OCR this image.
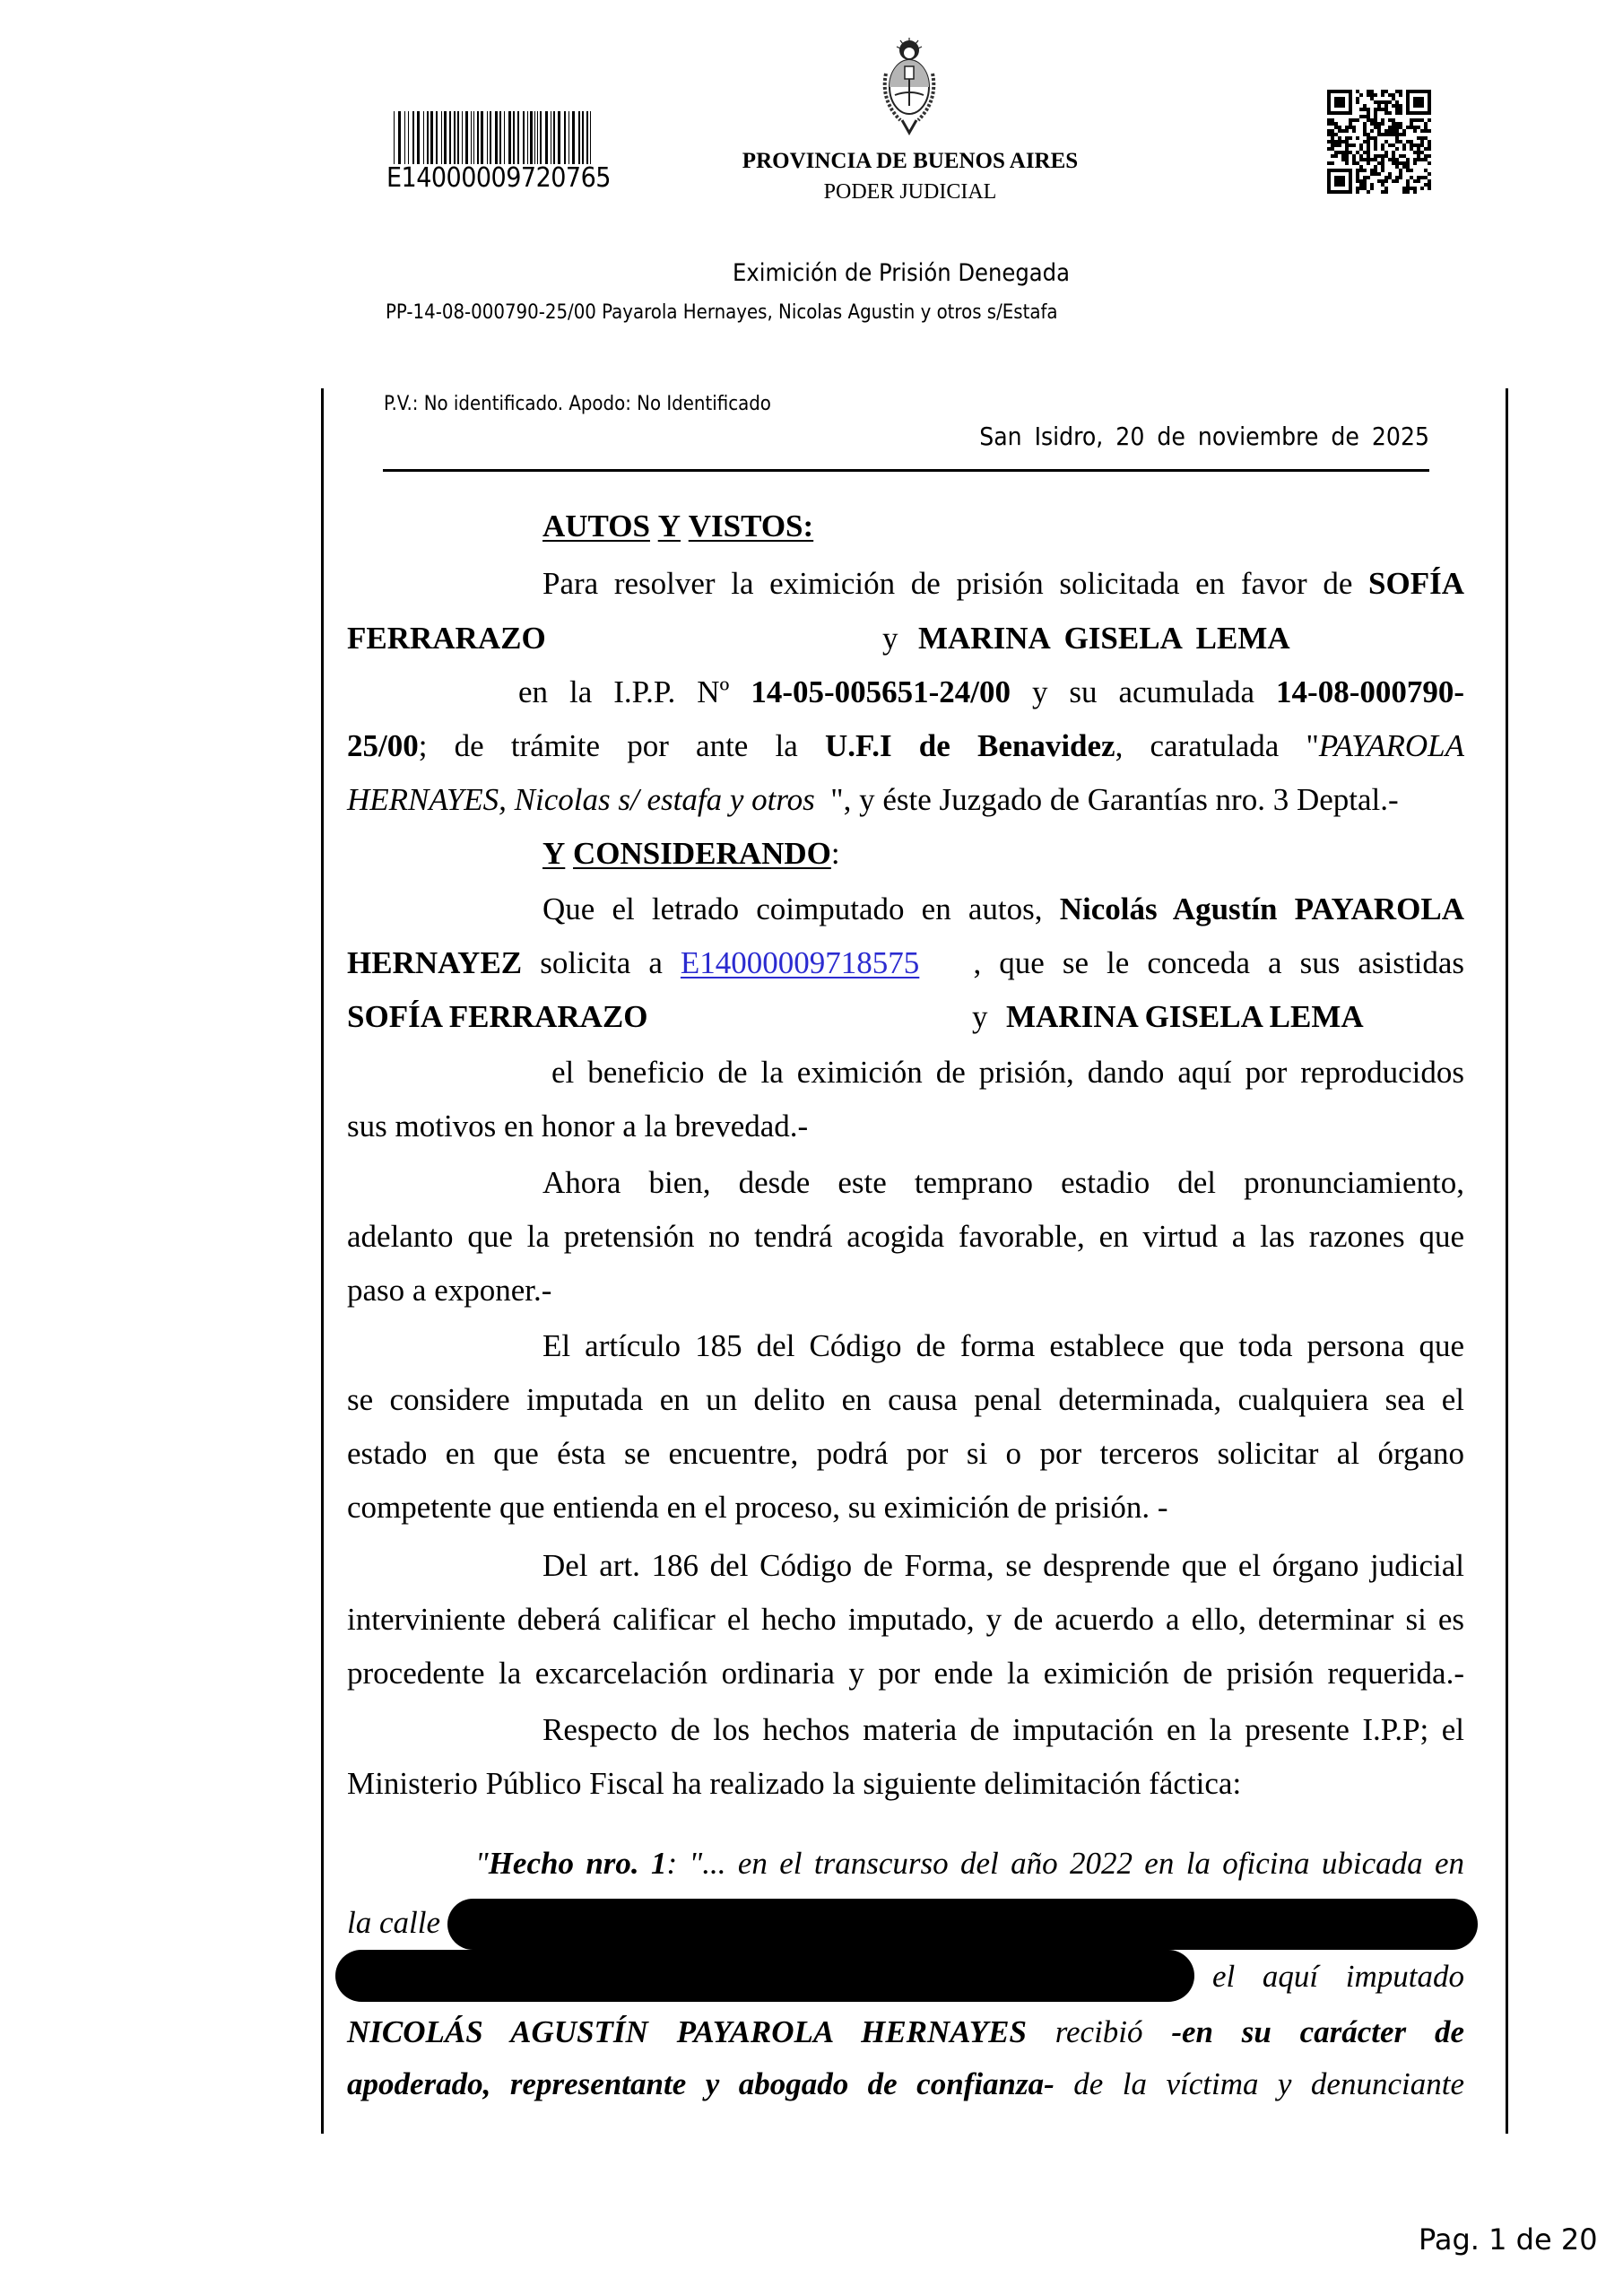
E14000009720765
PROVINCIA DE BUENOS AIRES
PODER JUDICIAL
Eximición de Prisión Denegada
PP-14-08-000790-25/00 Payarola Hernayes, Nicolas Agustin y otros s/Estafa
P.V.: No identificado. Apodo: No Identificado
San Isidro, 20 de noviembre de 2025
AUTOS Y VISTOS:
Para resolver la eximición de prisión solicitada en favor de SOFÍA
FERRARAZO	y MARINA GISELA LEMA
en la I.P.P. Nº 14-05-005651-24/00 y su acumulada 14-08-000790-
25/00; de trámite por ante la U.F.I de Benavidez, caratulada "PAYAROLA
HERNAYES, Nicolas s/ estafa y otros ", y éste Juzgado de Garantías nro. 3 Deptal.-
Y CONSIDERANDO:
Que el letrado coimputado en autos, Nicolás Agustín PAYAROLA
HERNAYEZ solicita a E14000009718575 , que se le conceda a sus asistidas
SOFÍA FERRARAZO	y MARINA GISELA LEMA
el beneficio de la eximición de prisión, dando aquí por reproducidos
sus motivos en honor a la brevedad.-
Ahora bien, desde este temprano estadio del pronunciamiento,
adelanto que la pretensión no tendrá acogida favorable, en virtud a las razones que
paso a exponer.-
El artículo 185 del Código de forma establece que toda persona que
se considere imputada en un delito en causa penal determinada, cualquiera sea el
estado en que ésta se encuentre, podrá por si o por terceros solicitar al órgano
competente que entienda en el proceso, su eximición de prisión. -
Del art. 186 del Código de Forma, se desprende que el órgano judicial
interviniente deberá calificar el hecho imputado, y de acuerdo a ello, determinar si es
procedente la excarcelación ordinaria y por ende la eximición de prisión requerida.-
Respecto de los hechos materia de imputación en la presente I.P.P; el
Ministerio Público Fiscal ha realizado la siguiente delimitación fáctica:
"Hecho nro. 1: "... en el transcurso del año 2022 en la oficina ubicada en
la calle
el aquí imputado
NICOLÁS AGUSTÍN PAYAROLA HERNAYES recibió -en su carácter de
apoderado, representante y abogado de confianza- de la víctima y denunciante
Pag. 1 de 20
